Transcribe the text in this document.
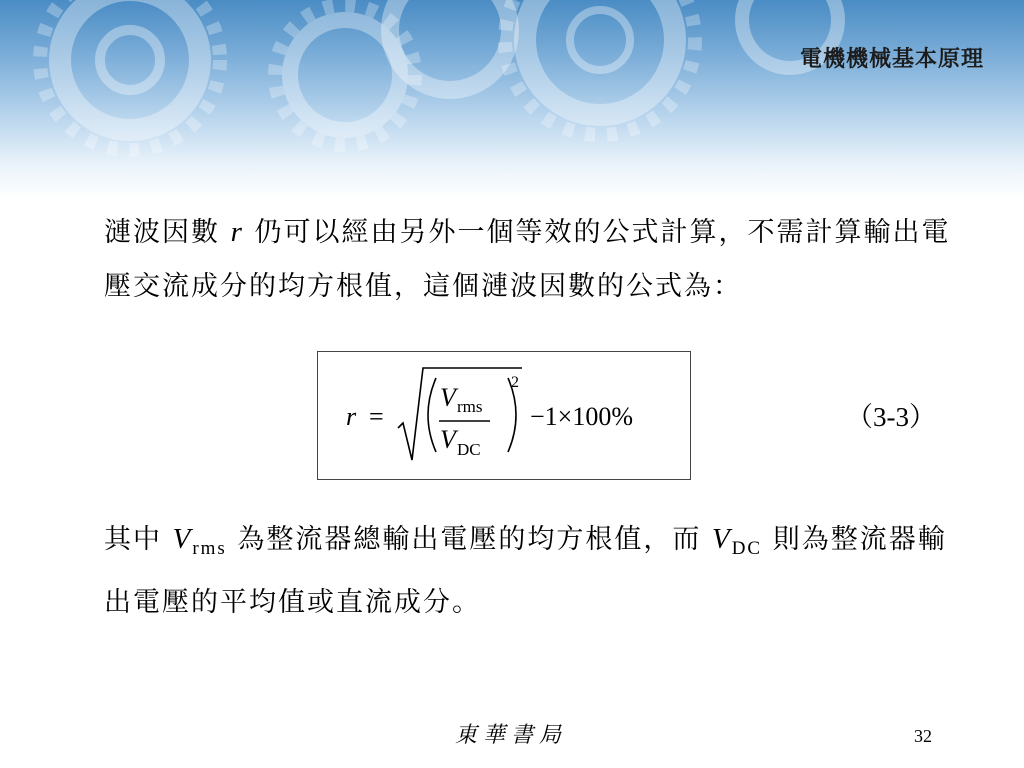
電機機械基本原理
漣波因數 r 仍可以經由另外一個等效的公式計算，不需計算輸出電壓交流成分的均方根值，這個漣波因數的公式為：
r =
V rms
V DC
2
−1×100%	（3-3）
其中 $V_{rms}$ 為整流器總輸出電壓的均方根值，而 $V_{DC}$ 則為整流器輸出電壓的平均值或直流成分。
東華書局	32
